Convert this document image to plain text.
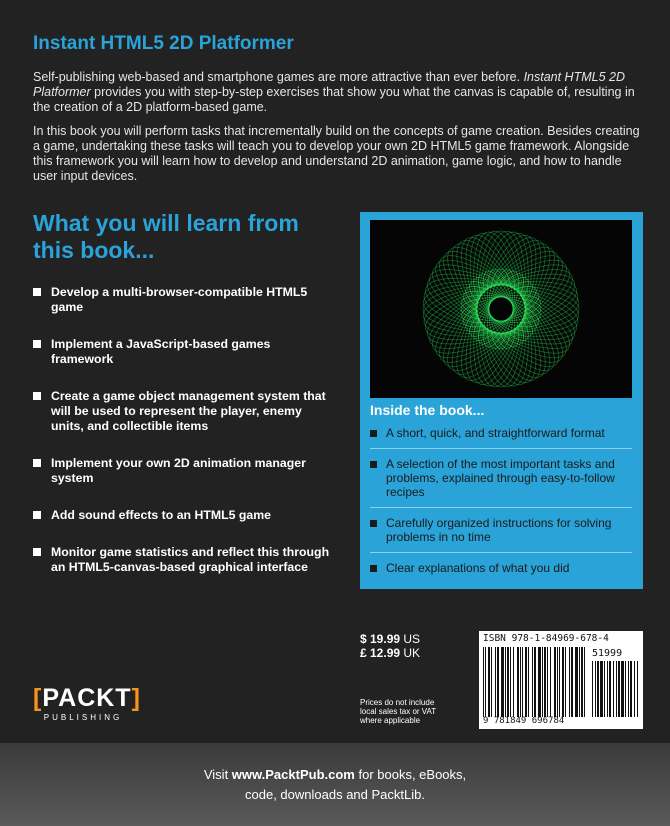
Instant HTML5 2D Platformer

Self-publishing web-based and smartphone games are more attractive than ever before. Instant HTML5 2D Platformer provides you with step-by-step exercises that show you what the canvas is capable of, resulting in the creation of a 2D platform-based game.

In this book you will perform tasks that incrementally build on the concepts of game creation. Besides creating a game, undertaking these tasks will teach you to develop your own 2D HTML5 game framework. Alongside this framework you will learn how to develop and understand 2D animation, game logic, and how to handle user input devices.

What you will learn from this book...
Develop a multi-browser-compatible HTML5 game
Implement a JavaScript-based games framework
Create a game object management system that will be used to represent the player, enemy units, and collectible items
Implement your own 2D animation manager system
Add sound effects to an HTML5 game
Monitor game statistics and reflect this through an HTML5-canvas-based graphical interface
Inside the book...
A short, quick, and straightforward format
A selection of the most important tasks and problems, explained through easy-to-follow recipes
Carefully organized instructions for solving problems in no time
Clear explanations of what you did
$ 19.99 US
£ 12.99 UK
Prices do not include local sales tax or VAT where applicable
ISBN 978-1-84969-678-4
51999
9 781849 696784
[PACKT]
PUBLISHING
Visit www.PacktPub.com for books, eBooks,
code, downloads and PacktLib.
